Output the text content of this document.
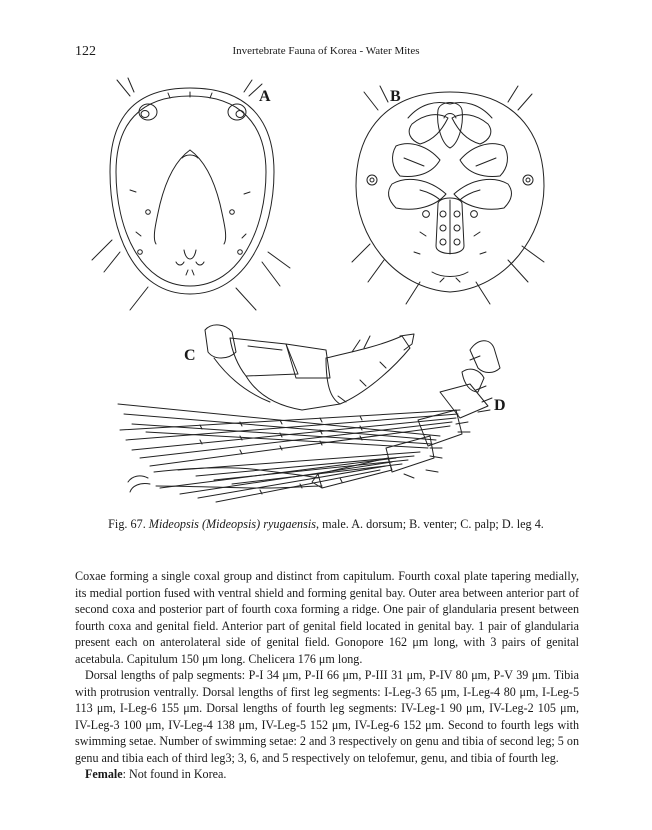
122	Invertebrate Fauna of Korea - Water Mites
A	B
C
D
Fig. 67. Mideopsis (Mideopsis) ryugaensis, male. A. dorsum; B. venter; C. palp; D. leg 4.

Coxae forming a single coxal group and distinct from capitulum. Fourth coxal plate tapering medially, its medial portion fused with ventral shield and forming genital bay. Outer area between anterior part of second coxa and posterior part of fourth coxa forming a ridge. One pair of glandularia present between fourth coxa and genital field. Anterior part of genital field located in genital bay. 1 pair of glandularia present each on anterolateral side of genital field. Gonopore 162 μm long, with 3 pairs of genital acetabula. Capitulum 150 μm long. Chelicera 176 μm long.

Dorsal lengths of palp segments: P-I 34 μm, P-II 66 μm, P-III 31 μm, P-IV 80 μm, P-V 39 μm. Tibia with protrusion ventrally. Dorsal lengths of first leg segments: I-Leg-3 65 μm, I-Leg-4 80 μm, I-Leg-5 113 μm, I-Leg-6 155 μm. Dorsal lengths of fourth leg segments: IV-Leg-1 90 μm, IV-Leg-2 105 μm, IV-Leg-3 100 μm, IV-Leg-4 138 μm, IV-Leg-5 152 μm, IV-Leg-6 152 μm. Second to fourth legs with swimming setae. Number of swimming setae: 2 and 3 respectively on genu and tibia of second leg; 5 on genu and tibia each of third leg3; 3, 6, and 5 respectively on telofemur, genu, and tibia of fourth leg.

Female: Not found in Korea.
